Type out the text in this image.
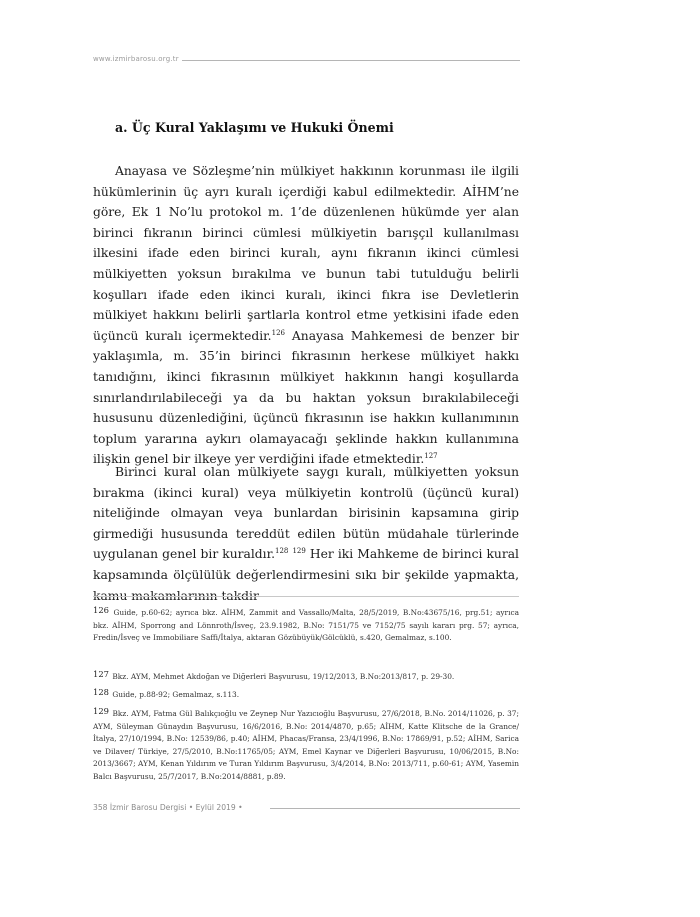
www.izmirbarosu.org.tr
a. Üç Kural Yaklaşımı ve Hukuki Önemi

Anayasa ve Sözleşme’nin mülkiyet hakkının korunması ile ilgili hükümlerinin üç ayrı kuralı içerdiği kabul edilmektedir. AİHM’ne göre, Ek 1 No’lu protokol m. 1’de düzenlenen hükümde yer alan birinci fıkranın birinci cümlesi mülkiyetin barışçıl kullanılması ilkesini ifade eden birinci kuralı, aynı fıkranın ikinci cümlesi mülkiyetten yoksun bırakılma ve bunun tabi tutulduğu belirli koşulları ifade eden ikinci kuralı, ikinci fıkra ise Devletlerin mülkiyet hakkını belirli şartlarla kontrol etme yetkisini ifade eden üçüncü kuralı içermektedir.$^{126}$ Anayasa Mahkemesi de benzer bir yaklaşımla, m. 35’in birinci fıkrasının herkese mülkiyet hakkı tanıdığını, ikinci fıkrasının mülkiyet hakkının hangi koşullarda sınırlandırılabileceği ya da bu haktan yoksun bırakılabileceği hususunu düzenlediğini, üçüncü fıkrasının ise hakkın kullanımının toplum yararına aykırı olamayacağı şeklinde hakkın kullanımına ilişkin genel bir ilkeye yer verdiğini ifade etmektedir.$^{127}$

Birinci kural olan mülkiyete saygı kuralı, mülkiyetten yoksun bırakma (ikinci kural) veya mülkiyetin kontrolü (üçüncü kural) niteliğinde olmayan veya bunlardan birisinin kapsamına girip girmediği hususunda tereddüt edilen bütün müdahale türlerinde uygulanan genel bir kuraldır.$^{128}$ $^{129}$ Her iki Mahkeme de birinci kural kapsamında ölçülülük değerlendirmesini sıkı bir şekilde yapmakta, kamu makamlarının takdir

126 Guide, p.60-62; ayrıca bkz. AİHM, Zammit and Vassallo/Malta, 28/5/2019, B.No:43675/16, prg.51; ayrıca bkz. AİHM, Sporrong and Lönnroth/İsveç, 23.9.1982, B.No: 7151/75 ve 7152/75 sayılı kararı prg. 57; ayrıca, Fredin/İsveç ve Immobiliare Saffi/İtalya, aktaran Gözübüyük/Gölcüklü, s.420, Gemalmaz, s.100.

127 Bkz. AYM, Mehmet Akdoğan ve Diğerleri Başvurusu, 19/12/2013, B.No:2013/817, p. 29-30.

128 Guide, p.88-92; Gemalmaz, s.113.

129 Bkz. AYM, Fatma Gül Balıkçıoğlu ve Zeynep Nur Yazıcıoğlu Başvurusu, 27/6/2018, B.No. 2014/11026, p. 37; AYM, Süleyman Günaydın Başvurusu, 16/6/2016, B.No: 2014/4870, p.65; AİHM, Katte Klitsche de la Grance/İtalya, 27/10/1994, B.No: 12539/86, p.40; AİHM, Phacas/Fransa, 23/4/1996, B.No: 17869/91, p.52; AİHM, Sarica ve Dilaver/ Türkiye, 27/5/2010, B.No:11765/05; AYM, Emel Kaynar ve Diğerleri Başvurusu, 10/06/2015, B.No: 2013/3667; AYM, Kenan Yıldırım ve Turan Yıldırım Başvurusu, 3/4/2014, B.No: 2013/711, p.60-61; AYM, Yasemin Balcı Başvurusu, 25/7/2017, B.No:2014/8881, p.89.

358 İzmir Barosu Dergisi • Eylül 2019 •
